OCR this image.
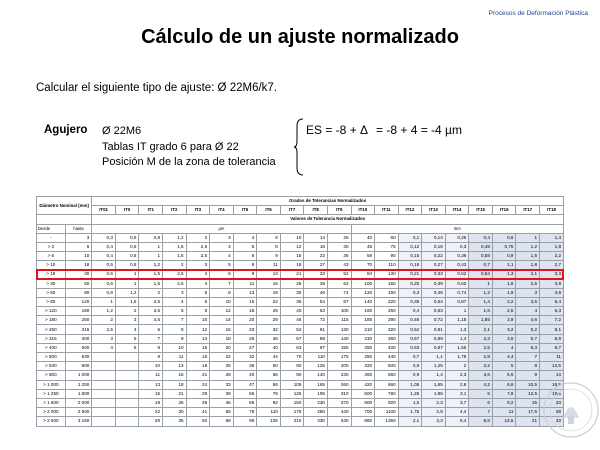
Procesos de Deformación Plástica
Cálculo de un ajuste normalizado
Calcular el siguiente tipo de ajuste: Ø 22M6/k7.
Agujero Ø 22M6
Tablas IT grado 6 para Ø 22
Posición M de la zona de tolerancia
ES = -8 + Δ = -8 + 4 = -4 µm
Diámetro Nominal (mm)		Grados de Tolerancias Normalizados																			
		IT01	IT0	IT1	IT2	IT3	IT4	IT5	IT6	IT7	IT8	IT9	IT10	IT11	IT12	IT13	IT14	IT15	IT16	IT17	IT18
		Valores de Tolerancia Normalizados																			
Desde	hasta	µm											mm								
-	3	0,3	0,5	0,8	1,2	2	3	4	6	10	14	25	40	60	0,1	0,14	0,25	0,4	0,6	1	1,4
> 3	6	0,4	0,6	1	1,5	2,5	4	5	8	12	18	30	48	75	0,12	0,18	0,3	0,48	0,75	1,2	1,8
> 6	10	0,4	0,6	1	1,5	2,5	4	6	9	15	22	36	58	90	0,15	0,22	0,36	0,58	0,9	1,5	2,2
> 10	18	0,5	0,8	1,2	2	3	5	8	11	18	27	43	70	110	0,18	0,27	0,43	0,7	1,1	1,8	2,7
> 18	30	0,6	1	1,5	2,5	4	6	9	13	21	33	52	84	130	0,21	0,33	0,52	0,84	1,3	2,1	3,3
> 30	50	0,6	1	1,5	2,5	4	7	11	16	25	39	62	100	160	0,25	0,39	0,62	1	1,6	2,5	3,9
> 50	80	0,8	1,2	2	3	5	8	13	19	30	46	74	120	190	0,3	0,46	0,74	1,2	1,9	3	4,6
> 80	120	1	1,5	2,5	4	6	10	15	22	35	54	87	140	220	0,35	0,54	0,87	1,4	2,2	3,5	5,4
> 120	180	1,2	2	3,5	5	8	12	18	25	40	63	100	160	250	0,4	0,63	1	1,6	2,5	4	6,3
> 180	250	2	3	4,5	7	10	14	20	29	46	72	115	185	290	0,46	0,72	1,15	1,85	2,9	4,6	7,2
> 250	315	2,5	4	6	8	12	16	23	32	52	81	130	210	320	0,52	0,81	1,3	2,1	3,2	5,2	8,1
> 315	400	3	5	7	9	13	18	25	36	57	89	140	230	360	0,57	0,89	1,4	2,3	3,6	5,7	8,9
> 400	500	4	6	8	10	15	20	27	40	63	97	155	250	400	0,63	0,97	1,55	2,5	4	6,3	9,7
> 500	630			9	11	16	22	32	44	70	110	175	280	440	0,7	1,1	1,75	2,8	4,4	7	11
> 630	800			10	13	18	25	36	50	80	125	200	320	500	0,8	1,25	2	3,2	5	8	12,5
> 800	1 000			11	15	21	28	40	56	90	140	230	360	560	0,9	1,4	2,3	3,6	5,6	9	14
> 1 000	1 250			13	18	24	33	47	66	105	165	260	420	660	1,05	1,65	2,6	4,2	6,6	10,5	16,5
> 1 250	1 600			15	21	29	39	55	78	125	195	310	500	780	1,25	1,95	3,1	5	7,8	12,5	19,5
> 1 600	2 000			18	25	35	46	65	92	150	230	370	600	920	1,5	2,3	3,7	6	9,2	15	23
> 2 000	2 500			22	30	41	55	78	110	175	280	440	700	1100	1,75	2,8	4,4	7	11	17,5	28
> 2 500	3 150			26	36	50	68	96	135	210	330	540	860	1350	2,1	3,3	5,4	8,6	13,5	21	33
